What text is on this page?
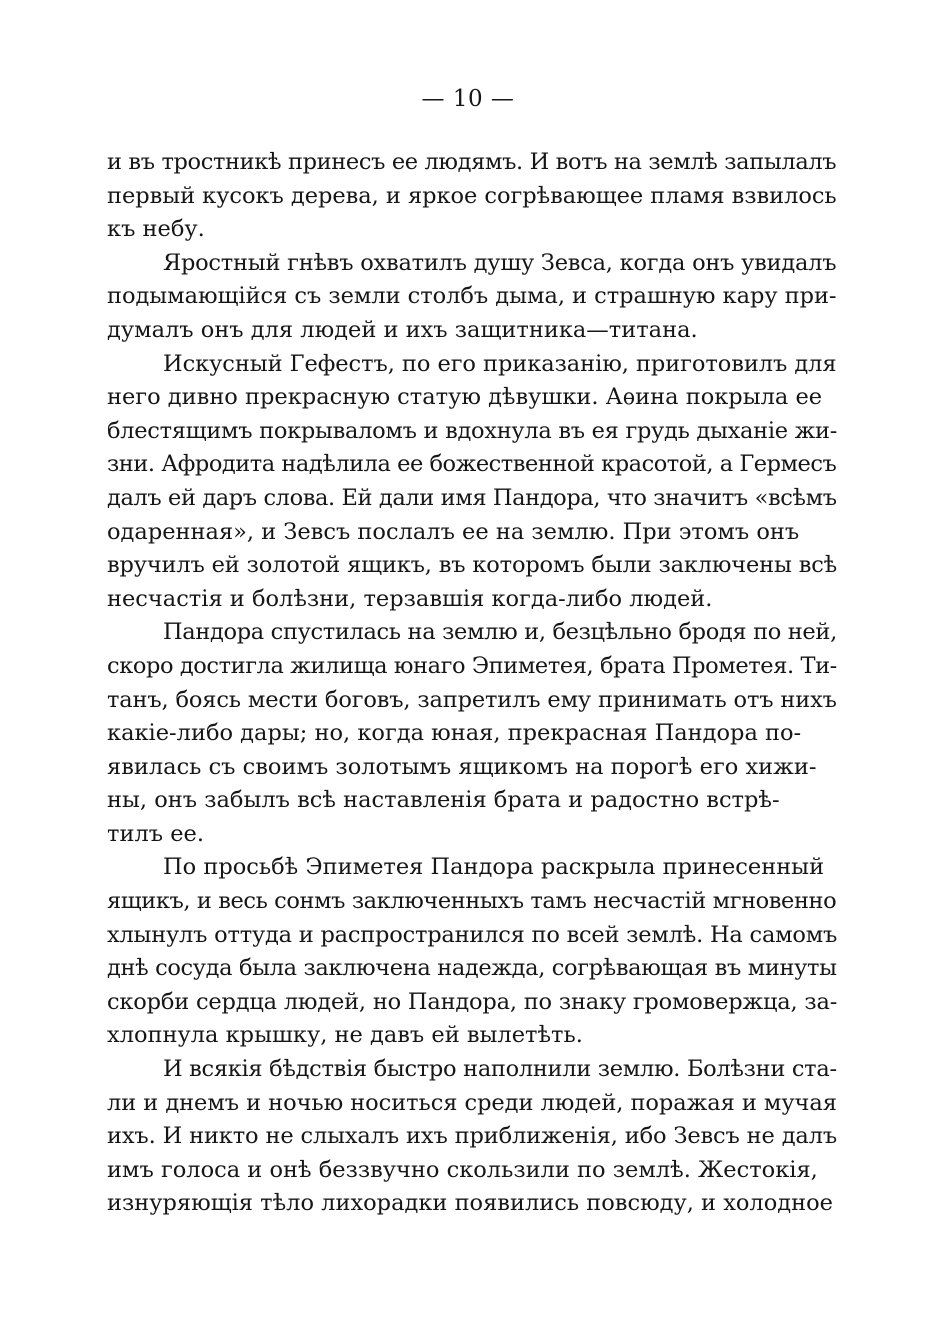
— 10 —
и въ тростникѣ принесъ ее людямъ. И вотъ на землѣ запылалъ
первый кусокъ дерева, и яркое согрѣвающее пламя взвилось
къ небу.
Яростный гнѣвъ охватилъ душу Зевса, когда онъ увидалъ
подымающійся съ земли столбъ дыма, и страшную кару при-
думалъ онъ для людей и ихъ защитника—титана.
Искусный Гефестъ, по его приказанію, приготовилъ для
него дивно прекрасную статую дѣвушки. Аѳина покрыла ее
блестящимъ покрываломъ и вдохнула въ ея грудь дыханіе жи-
зни. Афродита надѣлила ее божественной красотой, а Гермесъ
далъ ей даръ слова. Ей дали имя Пандора, что значитъ «всѣмъ
одаренная», и Зевсъ послалъ ее на землю. При этомъ онъ
вручилъ ей золотой ящикъ, въ которомъ были заключены всѣ
несчастія и болѣзни, терзавшія когда-либо людей.
Пандора спустилась на землю и, безцѣльно бродя по ней,
скоро достигла жилища юнаго Эпиметея, брата Прометея. Ти-
танъ, боясь мести боговъ, запретилъ ему принимать отъ нихъ
какіе-либо дары; но, когда юная, прекрасная Пандора по-
явилась съ своимъ золотымъ ящикомъ на порогѣ его хижи-
ны, онъ забылъ всѣ наставленія брата и радостно встрѣ-
тилъ ее.
По просьбѣ Эпиметея Пандора раскрыла принесенный
ящикъ, и весь сонмъ заключенныхъ тамъ несчастій мгновенно
хлынулъ оттуда и распространился по всей землѣ. На самомъ
днѣ сосуда была заключена надежда, согрѣвающая въ минуты
скорби сердца людей, но Пандора, по знаку громовержца, за-
хлопнула крышку, не давъ ей вылетѣть.
И всякія бѣдствія быстро наполнили землю. Болѣзни ста-
ли и днемъ и ночью носиться среди людей, поражая и мучая
ихъ. И никто не слыхалъ ихъ приближенія, ибо Зевсъ не далъ
имъ голоса и онѣ беззвучно скользили по землѣ. Жестокія,
изнуряющія тѣло лихорадки появились повсюду, и холодное
